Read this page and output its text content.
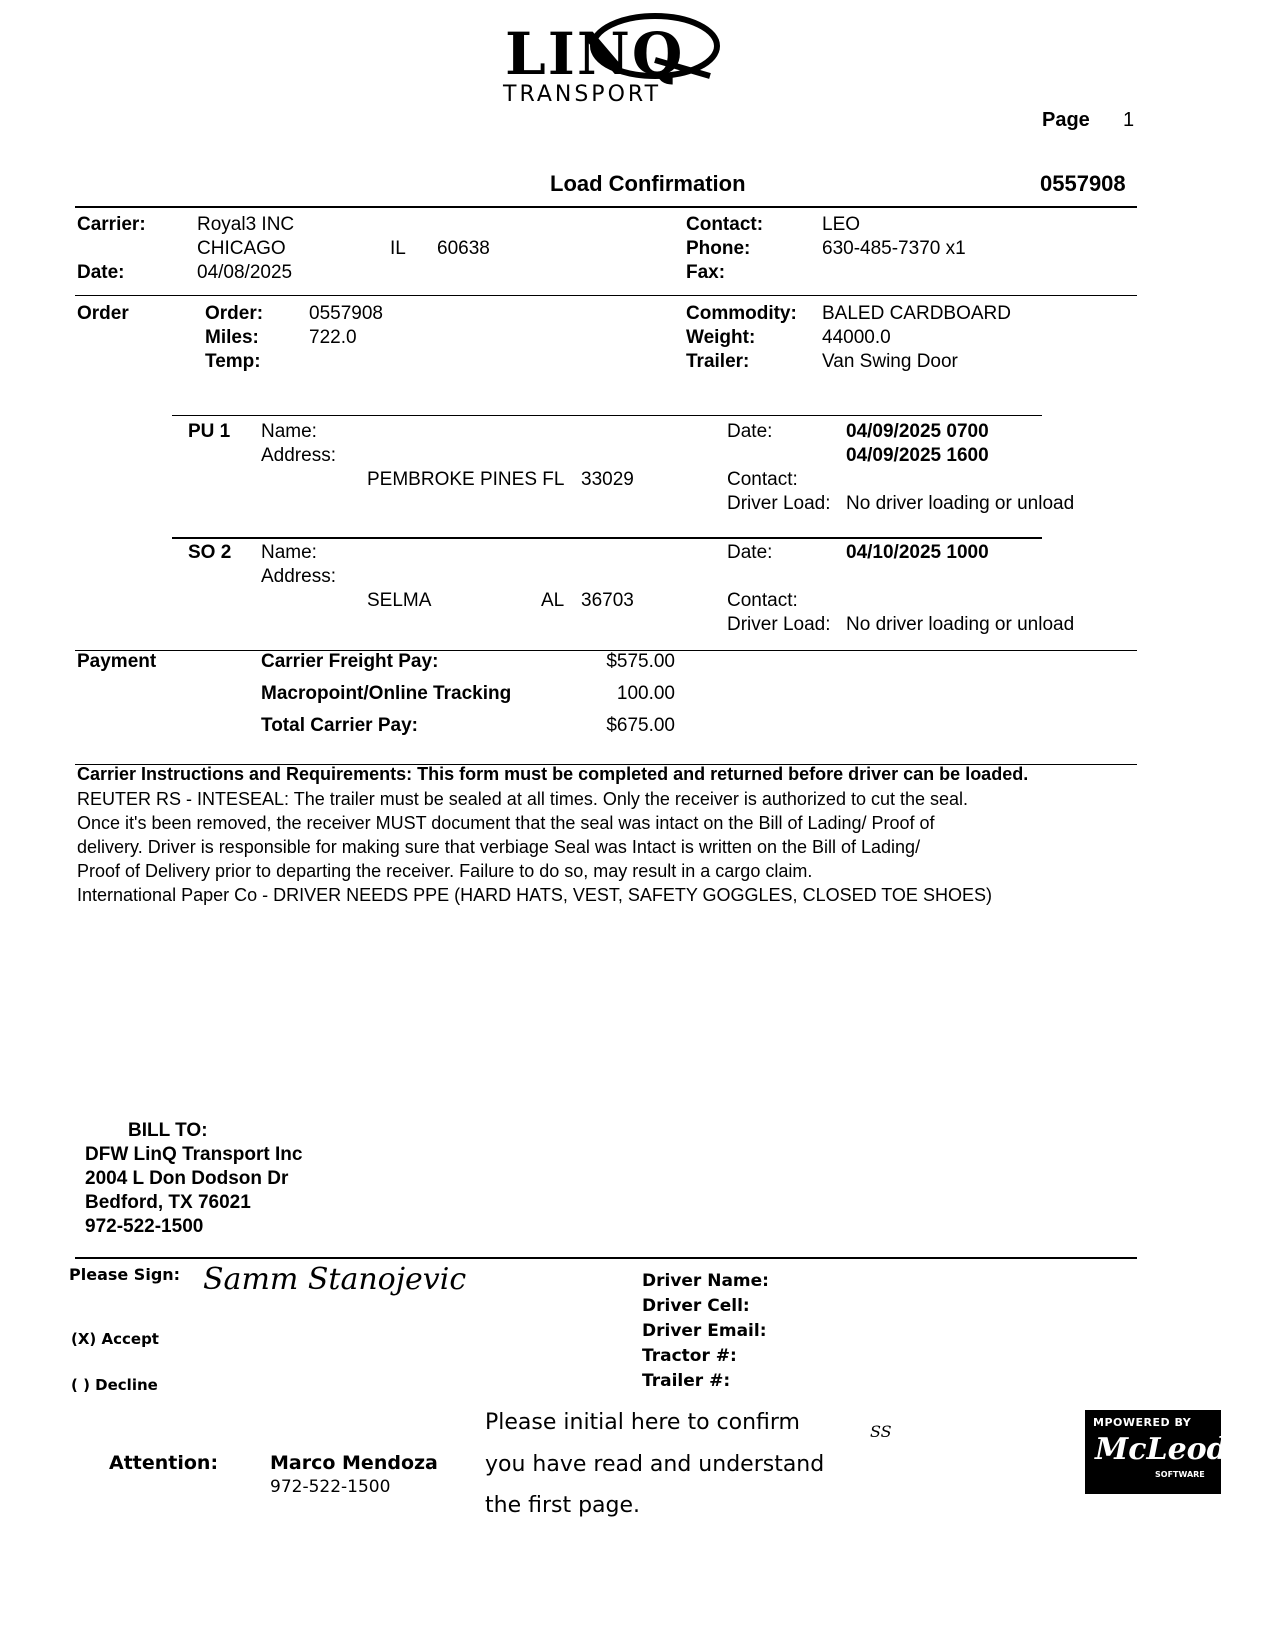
LINQ
TRANSPORT
Page 1
Load Confirmation	0557908
Carrier:	Royal3 INC
CHICAGO	IL 60638
Date:	04/08/2025
Contact:	LEO
Phone:	630-485-7370 x1
Fax:
Order	Order: 0557908
Miles:	722.0
Temp:
Commodity: BALED CARDBOARD
Weight:	44000.0
Trailer:	Van Swing Door
PU 1 Name:
Address:
PEMBROKE PINES FL 33029
Date:	04/09/2025 0700
04/09/2025 1600
Contact:
Driver Load: No driver loading or unload
SO 2 Name:
Address:
SELMA	AL 36703
Date:	04/10/2025 1000
Contact:
Driver Load: No driver loading or unload
Payment	Carrier Freight Pay:	$575.00
Macropoint/Online Tracking	100.00
Total Carrier Pay:	$675.00
Carrier Instructions and Requirements: This form must be completed and returned before driver can be loaded.
REUTER RS - INTESEAL: The trailer must be sealed at all times. Only the receiver is authorized to cut the seal.
Once it's been removed, the receiver MUST document that the seal was intact on the Bill of Lading/ Proof of
delivery. Driver is responsible for making sure that verbiage Seal was Intact is written on the Bill of Lading/
Proof of Delivery prior to departing the receiver. Failure to do so, may result in a cargo claim.
International Paper Co - DRIVER NEEDS PPE (HARD HATS, VEST, SAFETY GOGGLES, CLOSED TOE SHOES)
BILL TO:
DFW LinQ Transport Inc
2004 L Don Dodson Dr
Bedford, TX 76021
972-522-1500
Please Sign: Samm Stanojevic
(X) Accept
( ) Decline
Driver Name:
Driver Cell:
Driver Email:
Tractor #:
Trailer #:
Please initial here to confirm
you have read and understand
the first page.
SS
Attention:	Marco Mendoza
972-522-1500
MPOWERED BY
McLeod
SOFTWARE
